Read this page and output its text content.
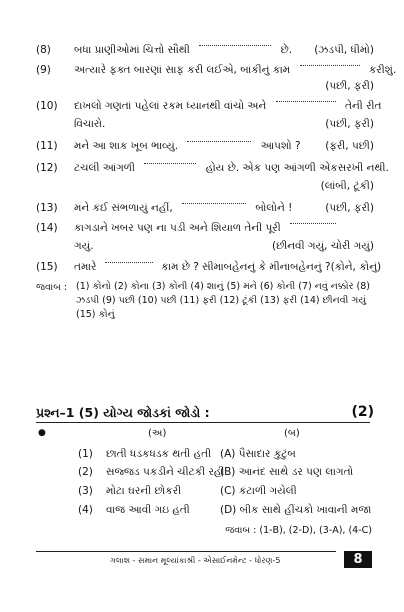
(8) બધા પ્રાણીઓમાં ચિત્તો સૌથી	છે. (ઝડપી, ધીમો)
(9) અત્યારે ફક્ત બારણાં સાફ કરી લઈએ, બાકીનું કામ	કરીશું.
(પછી, ફરી)
(10) દાખલો ગણતાં પહેલાં રકમ ધ્યાનથી વાંચો અને	તેની રીત
વિચારો.	(પછી, ફરી)
(11) મને આ શાક ખૂબ ભાવ્યું.	આપશો ? (ફરી, પછી)
(12) ટચલી આંગળી	હોય છે. એક પણ આંગળી એકસરખી નથી.
(લાંબી, ટૂંકી)
(13) મને કંઈ સંભળાયું નહીં,	બોલોને !	(પછી, ફરી)
(14) કાગડાને ખબર પણ ના પડી અને શિયાળ તેની પૂરી
ગયું.	(છીનવી ગયું, ચોરી ગયું)
(15) તમારે	કામ છે ? સીમાબહેનનું કે મીનાબહેનનું ?(કોને, કોનું)
જવાબ : (1) કોનો (2) કોના (3) કોની (4) શાનું (5) મને (6) કોની (7) નવું નક્કોર (8) ઝડપી (9) પછી (10) પછી (11) ફરી (12) ટૂંકી (13) ફરી (14) છીનવી ગયું (15) કોનું
પ્રશ્ન–1 (5) યોગ્ય જોડકાં જોડો :	(2)
●	(અ)	(બ)
(1) છાતી ધડકધડક થતી હતી (A) પૈસાદાર કુટુંબ
(2) સજ્જડ પકડીને ચીટકી રહી
(B) આનંદ સાથે ડર પણ લાગતો
(3) મોટા ઘરની છોકરી	(C) કંટાળી ગયેલી
(4) વાજ આવી ગઇ હતી	(D) બીક સાથે હીંચકો ખાવાની મજા
જવાબ : (1-B), (2-D), (3-A), (4-C)
ગલાશ - સમાન મૂલ્યાંકાશ્રી - એસાઈનમેન્ટ - ધોરણ-5	8
